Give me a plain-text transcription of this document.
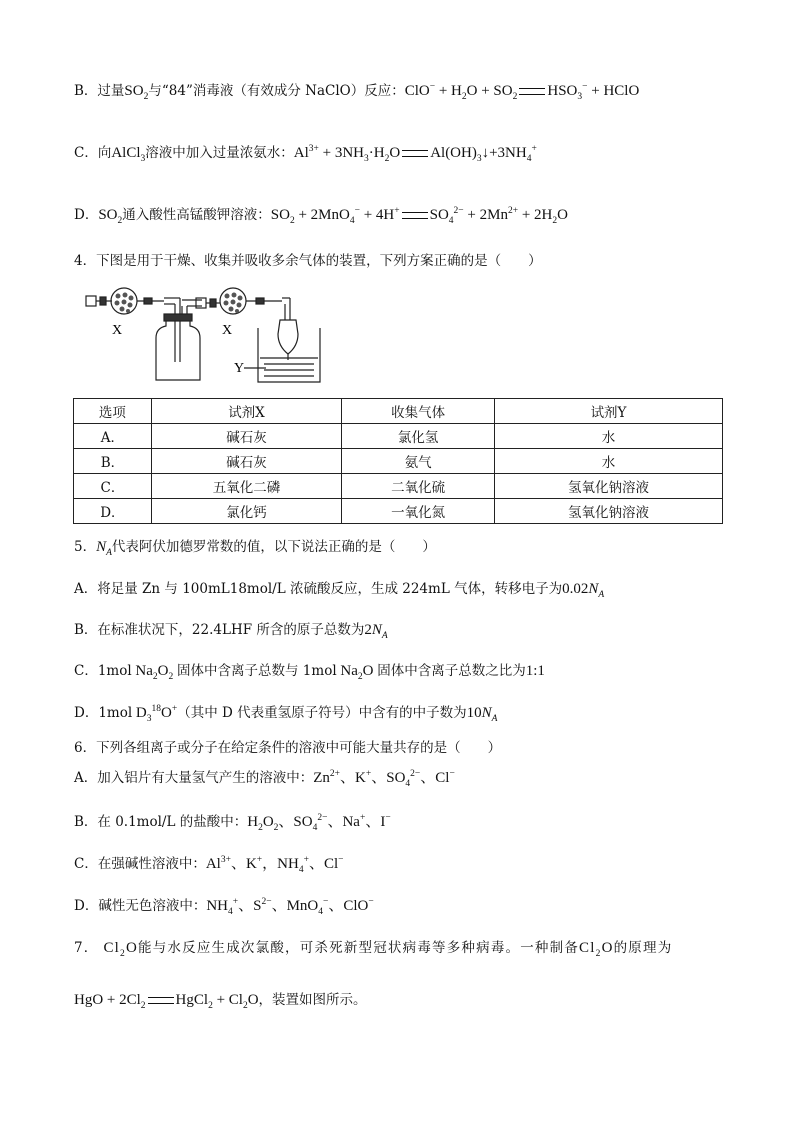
B．过量$SO_2$与“84”消毒液（有效成分 NaClO）反应：$ClO^- + H_2O + SO_2$ $HSO_3^-$ + HClO
C．向AlCl$_3$溶液中加入过量浓氨水：$Al^{3+} + 3NH_3\cdot H_2O$ $Al(OH)_3↓+3NH_4^+$
D．$SO_2$通入酸性高锰酸钾溶液：$SO_2 + 2MnO_4^- + 4H^+$ $SO_4^{2-} + 2Mn^{2+} + 2H_2O$
4．下图是用于干燥、收集并吸收多余气体的装置，下列方案正确的是（　　）
X	X
Y
选项	试剂X	收集气体	试剂Y
A．	碱石灰	氯化氢	水
B．	碱石灰	氨气	水
C．	五氧化二磷	二氧化硫	氢氧化钠溶液
D．	氯化钙	一氧化氮	氢氧化钠溶液
5．$N_A$代表阿伏加德罗常数的值，以下说法正确的是（　　）
A．将足量 Zn 与 100mL18mol/L 浓硫酸反应，生成 224mL 气体，转移电子为$0.02N_A$
B．在标准状况下，22.4LHF 所含的原子总数为$2N_A$
C．1mol $Na_2O_2$ 固体中含离子总数与 1mol $Na_2O$ 固体中含离子总数之比为1:1
D．1mol $D_3^{18}O^+$（其中 D 代表重氢原子符号）中含有的中子数为$10N_A$
6．下列各组离子或分子在给定条件的溶液中可能大量共存的是（　　）
A．加入铝片有大量氢气产生的溶液中：$Zn^{2+}$、K+、$SO_4^{2-}$、Cl−
B．在 0.1mol/L 的盐酸中：$H_2O_2$、$SO_4^{2-}$、Na+、I−
C．在强碱性溶液中：$Al^{3+}$、K+，$NH_4^+$、Cl−
D．碱性无色溶液中：$NH_4^+$、$S^{2-}$、MnO$_4$−、ClO−
7． $Cl_2O$能与水反应生成次氯酸，可杀死新型冠状病毒等多种病毒。一种制备$Cl_2O$的原理为
HgO + $2Cl_2$ HgCl$_2$ + $Cl_2O$，装置如图所示。
